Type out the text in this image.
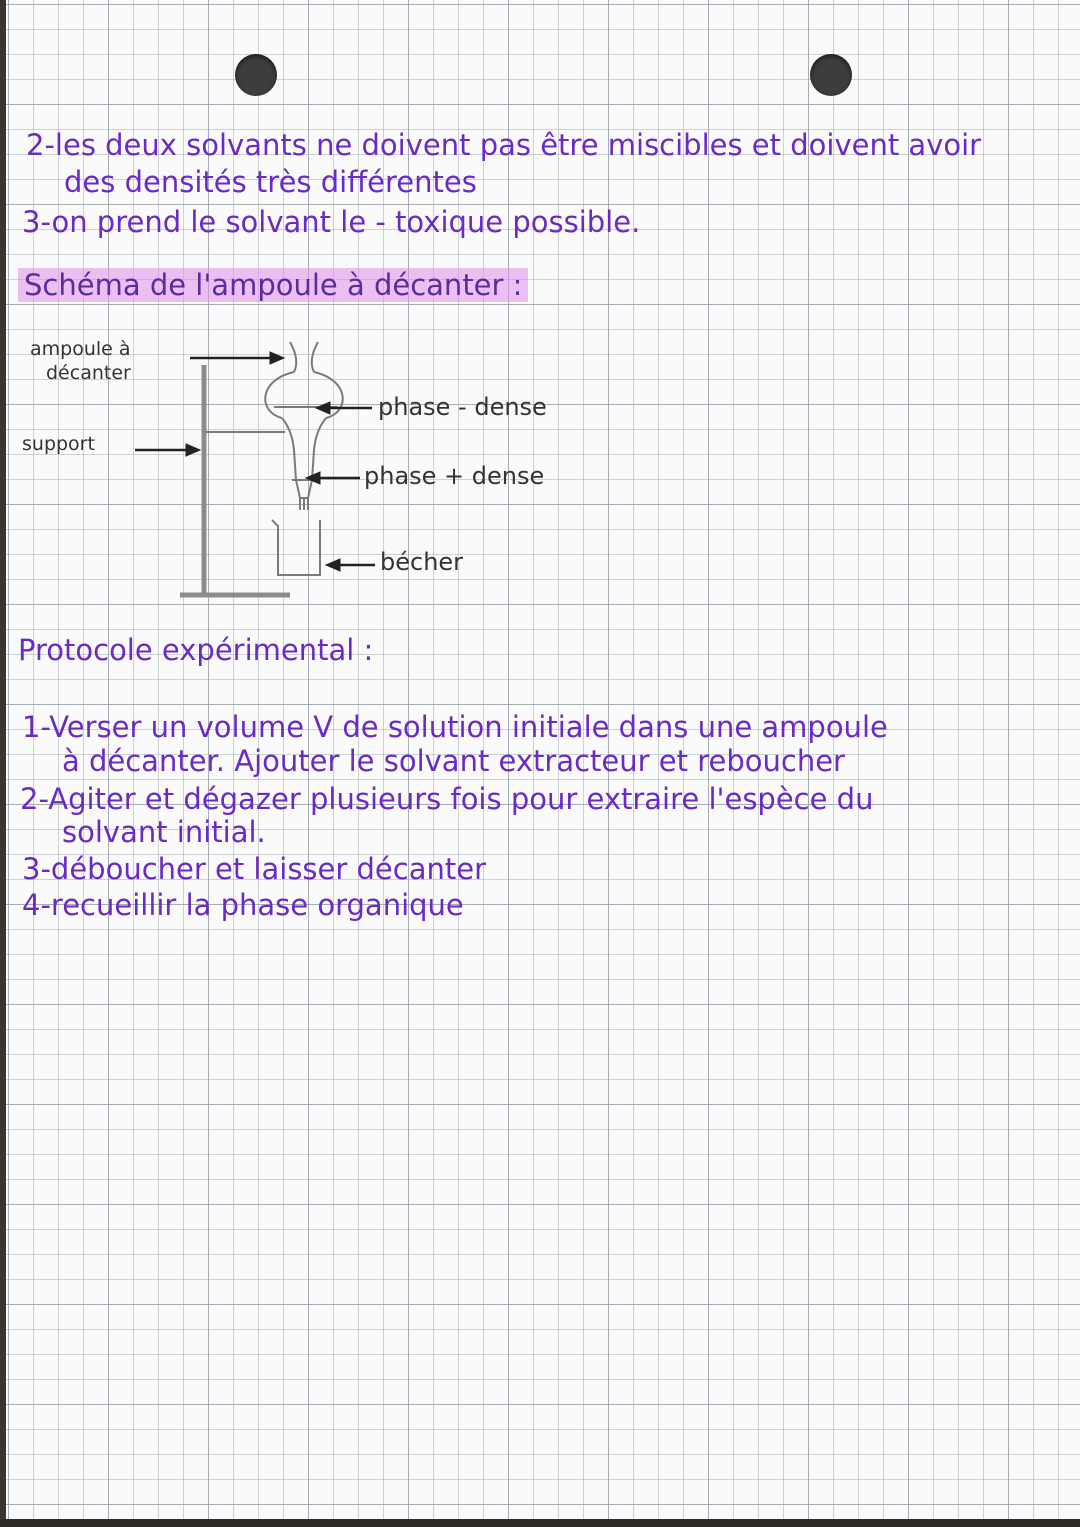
2-les deux solvants ne doivent pas être miscibles et doivent avoir
des densités très différentes
3-on prend le solvant le - toxique possible.
Schéma de l'ampoule à décanter :
ampoule à
décanter
support
phase - dense
phase + dense
bécher
Protocole expérimental :
1-Verser un volume V de solution initiale dans une ampoule
à décanter. Ajouter le solvant extracteur et reboucher
2-Agiter et dégazer plusieurs fois pour extraire l'espèce du
solvant initial.
3-déboucher et laisser décanter
4-recueillir la phase organique
